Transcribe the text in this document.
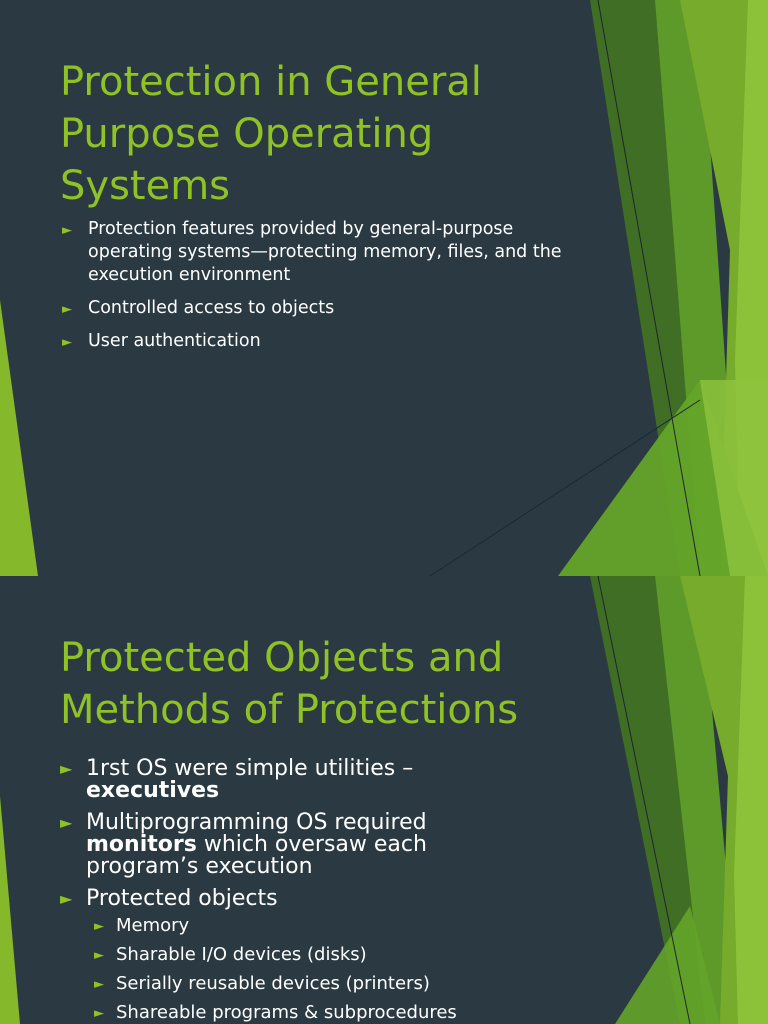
Protection in General Purpose Operating Systems
► Protection features provided by general-purpose operating systems—protecting memory, files, and the execution environment
► Controlled access to objects
► User authentication
Protected Objects and Methods of Protections
► 1rst OS were simple utilities – executives
► Multiprogramming OS required monitors which oversaw each program’s execution
► Protected objects
► Memory
► Sharable I/O devices (disks)
► Serially reusable devices (printers)
► Shareable programs & subprocedures
